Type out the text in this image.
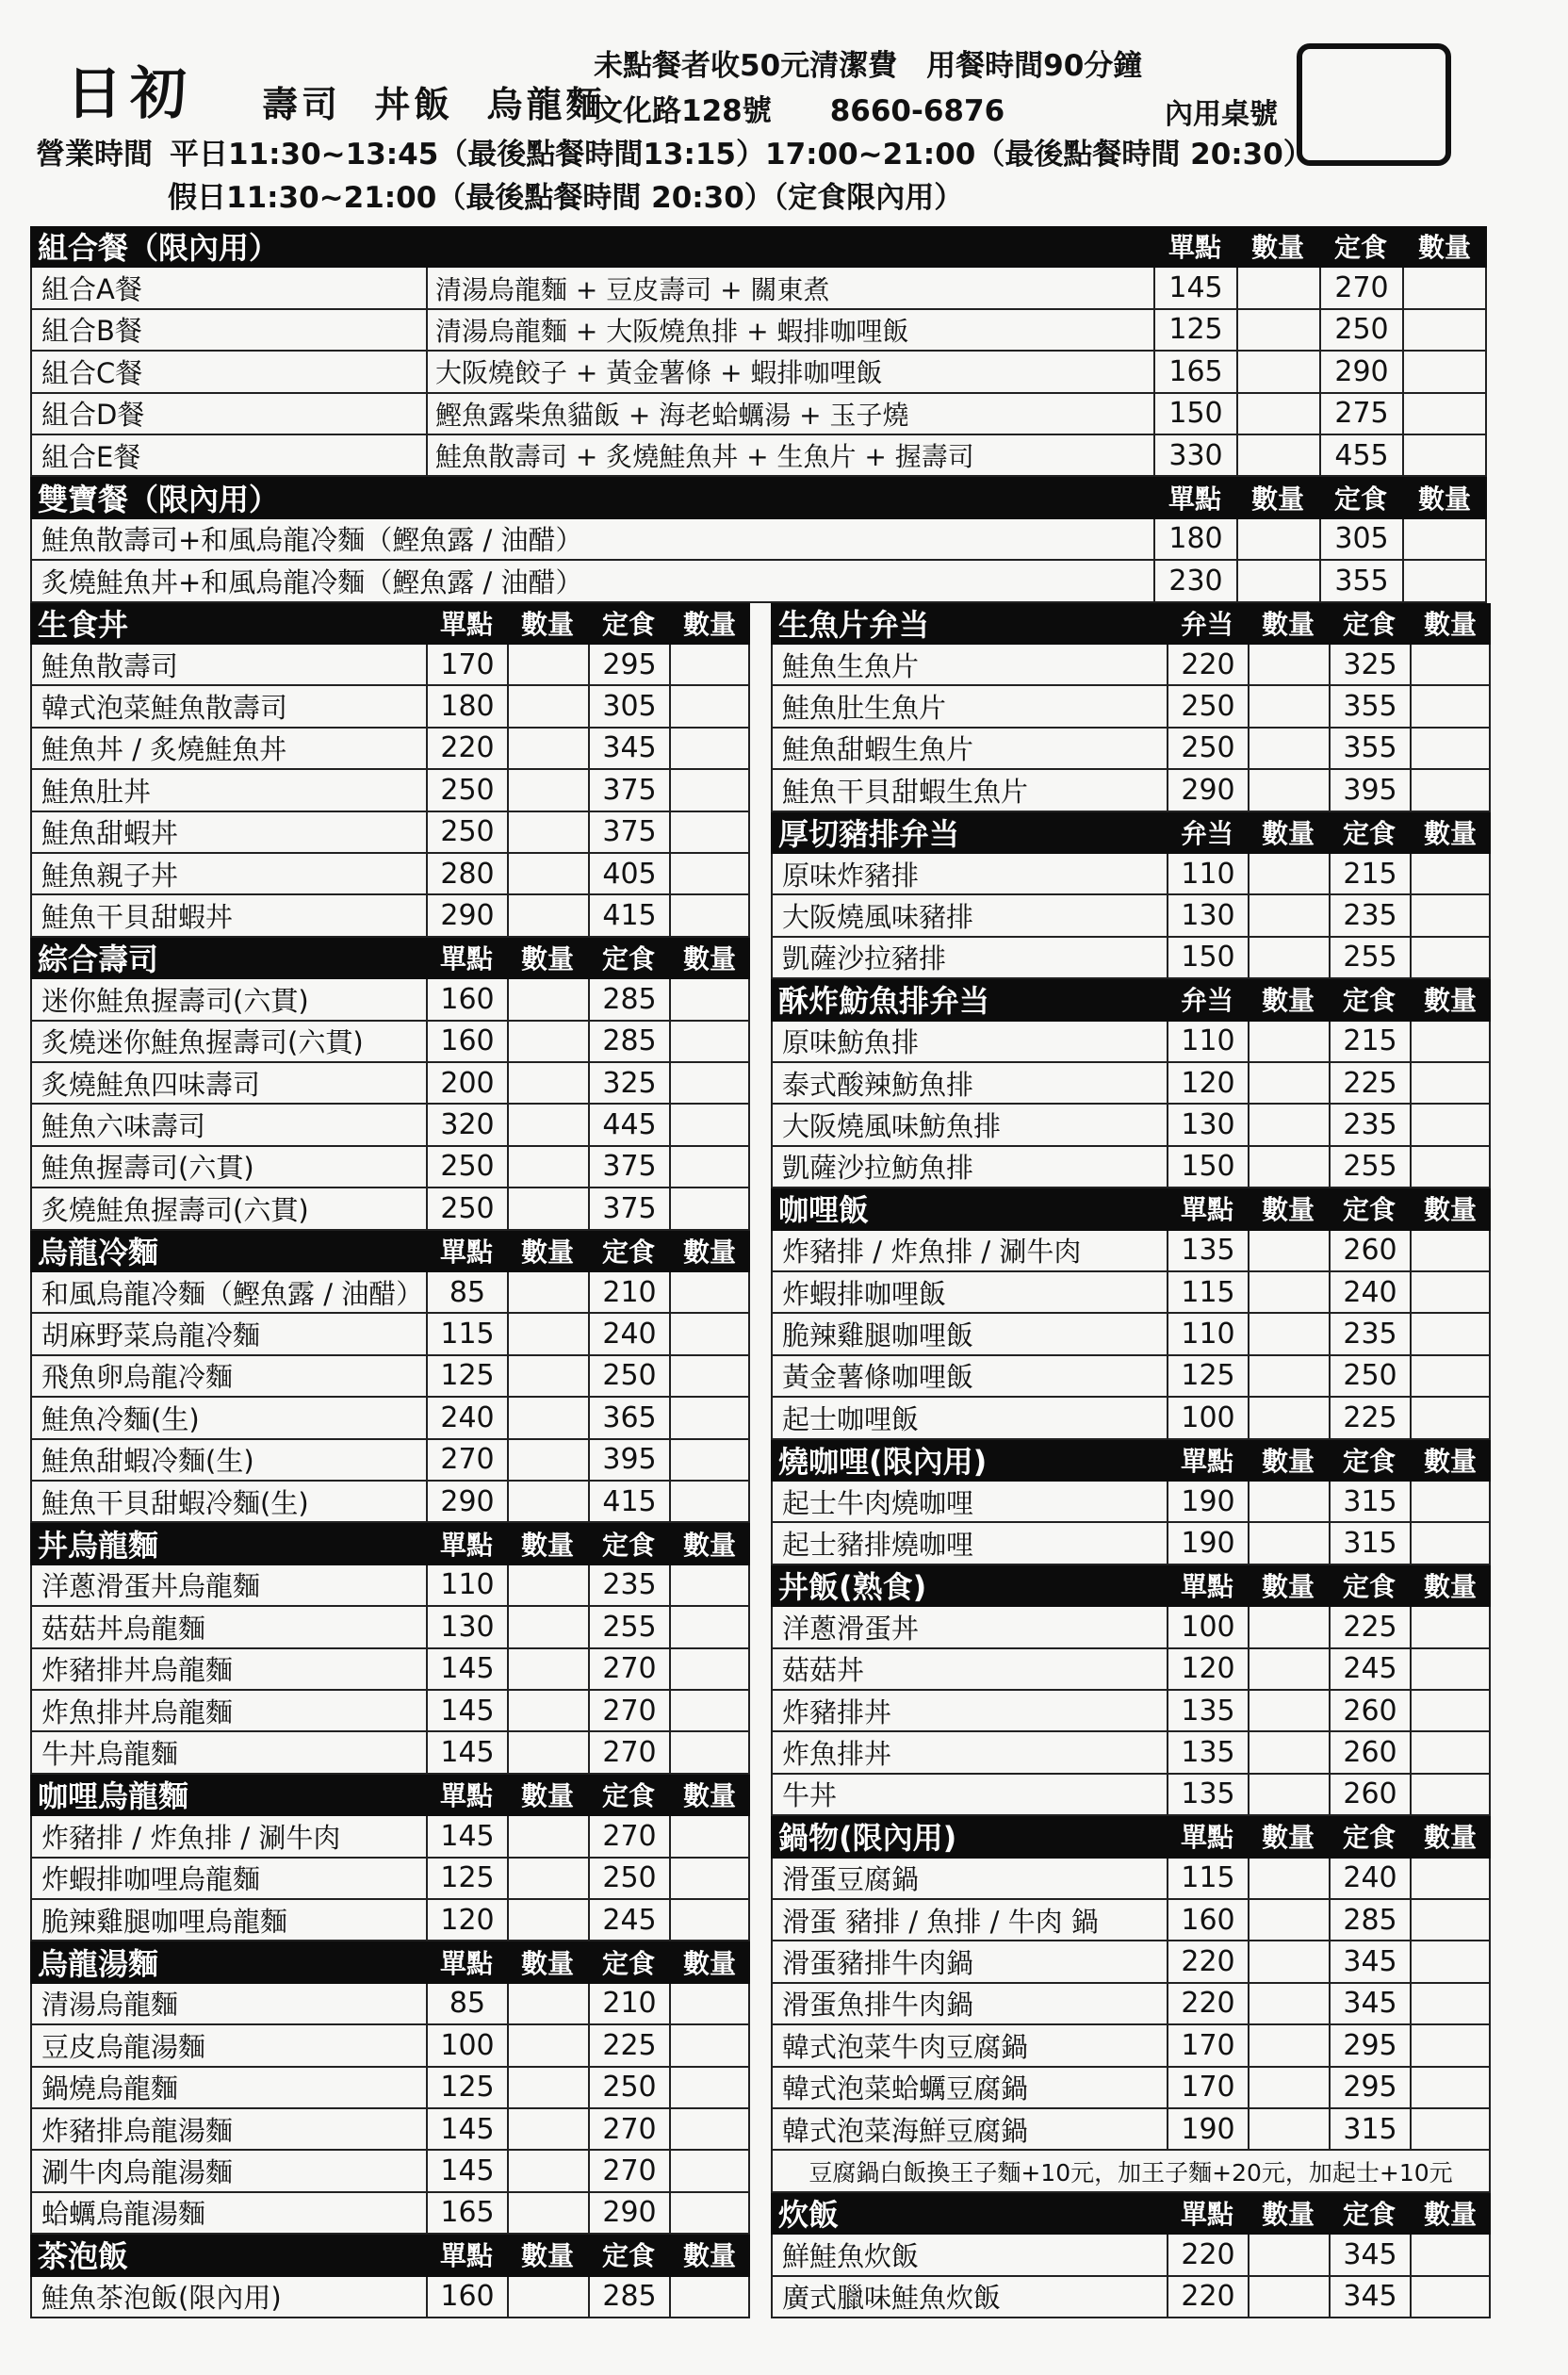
日初 壽司 丼飯 烏龍麵
未點餐者收50元清潔費　用餐時間90分鐘
文化路128號　　8660-6876	內用桌號
營業時間 平日11:30~13:45（最後點餐時間13:15）17:00~21:00（最後點餐時間 20:30）
假日11:30~21:00（最後點餐時間 20:30）（定食限內用）
組合餐（限內用）	單點	數量	定食	數量
組合A餐	清湯烏龍麵 + 豆皮壽司 + 關東煮	145	270
組合B餐	清湯烏龍麵 + 大阪燒魚排 + 蝦排咖哩飯	125	250
組合C餐	大阪燒餃子 + 黃金薯條 + 蝦排咖哩飯	165	290
組合D餐	鰹魚露柴魚貓飯 + 海老蛤蠣湯 + 玉子燒	150	275
組合E餐	鮭魚散壽司 + 炙燒鮭魚丼 + 生魚片 + 握壽司	330	455
雙寶餐（限內用）	單點	數量	定食	數量
鮭魚散壽司+和風烏龍冷麵（鰹魚露 / 油醋）	180	305
炙燒鮭魚丼+和風烏龍冷麵（鰹魚露 / 油醋）	230	355
生食丼	單點	數量	定食	數量
鮭魚散壽司	170	295
韓式泡菜鮭魚散壽司	180	305
鮭魚丼 / 炙燒鮭魚丼	220	345
鮭魚肚丼	250	375
鮭魚甜蝦丼	250	375
鮭魚親子丼	280	405
鮭魚干貝甜蝦丼	290	415
綜合壽司	單點	數量	定食	數量
迷你鮭魚握壽司(六貫)	160	285
炙燒迷你鮭魚握壽司(六貫)	160	285
炙燒鮭魚四味壽司	200	325
鮭魚六味壽司	320	445
鮭魚握壽司(六貫)	250	375
炙燒鮭魚握壽司(六貫)	250	375
烏龍冷麵	單點	數量	定食	數量
和風烏龍冷麵（鰹魚露 / 油醋） 85	210
胡麻野菜烏龍冷麵	115	240
飛魚卵烏龍冷麵	125	250
鮭魚冷麵(生)	240	365
鮭魚甜蝦冷麵(生)	270	395
鮭魚干貝甜蝦冷麵(生)	290	415
丼烏龍麵	單點	數量	定食	數量
洋蔥滑蛋丼烏龍麵	110	235
菇菇丼烏龍麵	130	255
炸豬排丼烏龍麵	145	270
炸魚排丼烏龍麵	145	270
牛丼烏龍麵	145	270
咖哩烏龍麵	單點	數量	定食	數量
炸豬排 / 炸魚排 / 涮牛肉	145	270
炸蝦排咖哩烏龍麵	125	250
脆辣雞腿咖哩烏龍麵	120	245
烏龍湯麵	單點	數量	定食	數量
清湯烏龍麵	85	210
豆皮烏龍湯麵	100	225
鍋燒烏龍麵	125	250
炸豬排烏龍湯麵	145	270
涮牛肉烏龍湯麵	145	270
蛤蠣烏龍湯麵	165	290
茶泡飯	單點	數量	定食	數量
鮭魚茶泡飯(限內用)	160	285
生魚片弁当	弁当	數量	定食	數量
鮭魚生魚片	220	325
鮭魚肚生魚片	250	355
鮭魚甜蝦生魚片	250	355
鮭魚干貝甜蝦生魚片	290	395
厚切豬排弁当	弁当	數量	定食	數量
原味炸豬排	110	215
大阪燒風味豬排	130	235
凱薩沙拉豬排	150	255
酥炸魴魚排弁当	弁当	數量	定食	數量
原味魴魚排	110	215
泰式酸辣魴魚排	120	225
大阪燒風味魴魚排	130	235
凱薩沙拉魴魚排	150	255
咖哩飯	單點	數量	定食	數量
炸豬排 / 炸魚排 / 涮牛肉	135	260
炸蝦排咖哩飯	115	240
脆辣雞腿咖哩飯	110	235
黃金薯條咖哩飯	125	250
起士咖哩飯	100	225
燒咖哩(限內用)	單點	數量	定食	數量
起士牛肉燒咖哩	190	315
起士豬排燒咖哩	190	315
丼飯(熟食)	單點	數量	定食	數量
洋蔥滑蛋丼	100	225
菇菇丼	120	245
炸豬排丼	135	260
炸魚排丼	135	260
牛丼	135	260
鍋物(限內用)	單點	數量	定食	數量
滑蛋豆腐鍋	115	240
滑蛋 豬排 / 魚排 / 牛肉 鍋	160	285
滑蛋豬排牛肉鍋	220	345
滑蛋魚排牛肉鍋	220	345
韓式泡菜牛肉豆腐鍋	170	295
韓式泡菜蛤蠣豆腐鍋	170	295
韓式泡菜海鮮豆腐鍋	190	315
豆腐鍋白飯換王子麵+10元，加王子麵+20元，加起士+10元
炊飯	單點	數量	定食	數量
鮮鮭魚炊飯	220	345
廣式臘味鮭魚炊飯	220	345
